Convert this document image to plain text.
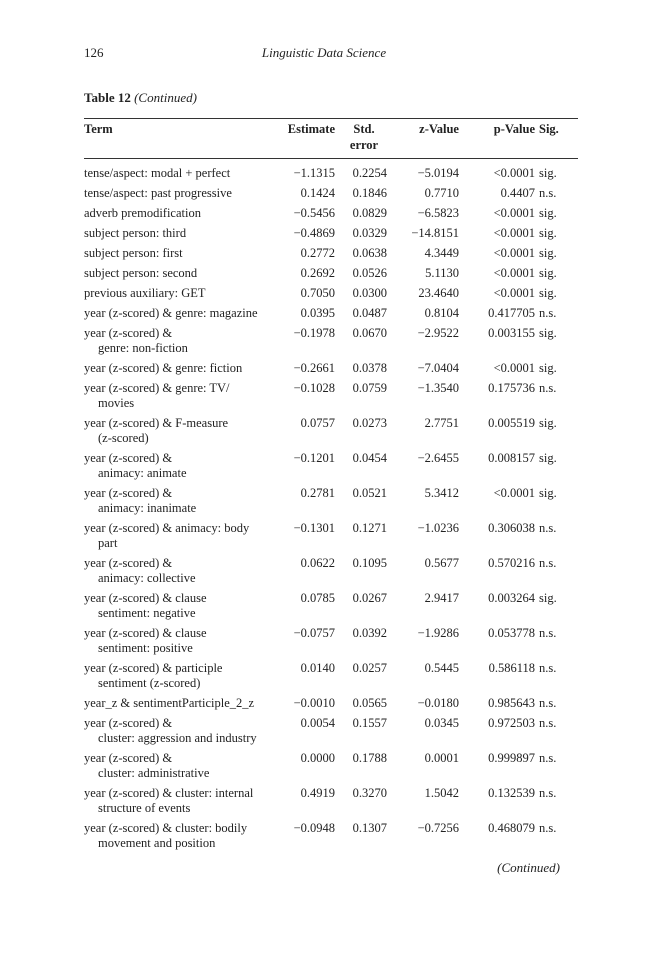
126	Linguistic Data Science
Table 12 (Continued)
Term	Estimate	Std.
error	z-Value	p-Value	Sig.

tense/aspect: modal + perfect	−1.1315	0.2254	−5.0194	<0.0001	sig.
tense/aspect: past progressive	0.1424	0.1846	0.7710	0.4407	n.s.
adverb premodification	−0.5456	0.0829	−6.5823	<0.0001	sig.
subject person: third	−0.4869	0.0329	−14.8151	<0.0001	sig.
subject person: first	0.2772	0.0638	4.3449	<0.0001	sig.
subject person: second	0.2692	0.0526	5.1130	<0.0001	sig.
previous auxiliary: GET	0.7050	0.0300	23.4640	<0.0001	sig.
year (z-scored) & genre: magazine	0.0395	0.0487	0.8104	0.417705	n.s.
year (z-scored) &
genre: non-fiction	−0.1978	0.0670	−2.9522	0.003155	sig.
year (z-scored) & genre: fiction	−0.2661	0.0378	−7.0404	<0.0001	sig.
year (z-scored) & genre: TV/
movies	−0.1028	0.0759	−1.3540	0.175736	n.s.
year (z-scored) & F-measure
(z-scored)	0.0757	0.0273	2.7751	0.005519	sig.
year (z-scored) &
animacy: animate	−0.1201	0.0454	−2.6455	0.008157	sig.
year (z-scored) &
animacy: inanimate	0.2781	0.0521	5.3412	<0.0001	sig.
year (z-scored) & animacy: body
part	−0.1301	0.1271	−1.0236	0.306038	n.s.
year (z-scored) &
animacy: collective	0.0622	0.1095	0.5677	0.570216	n.s.
year (z-scored) & clause
sentiment: negative	0.0785	0.0267	2.9417	0.003264	sig.
year (z-scored) & clause
sentiment: positive	−0.0757	0.0392	−1.9286	0.053778	n.s.
year (z-scored) & participle
sentiment (z-scored)	0.0140	0.0257	0.5445	0.586118	n.s.
year_z & sentimentParticiple_2_z	−0.0010	0.0565	−0.0180	0.985643	n.s.
year (z-scored) &
cluster: aggression and industry	0.0054	0.1557	0.0345	0.972503	n.s.
year (z-scored) &
cluster: administrative	0.0000	0.1788	0.0001	0.999897	n.s.
year (z-scored) & cluster: internal
structure of events	0.4919	0.3270	1.5042	0.132539	n.s.
year (z-scored) & cluster: bodily
movement and position	−0.0948	0.1307	−0.7256	0.468079	n.s.
(Continued)
